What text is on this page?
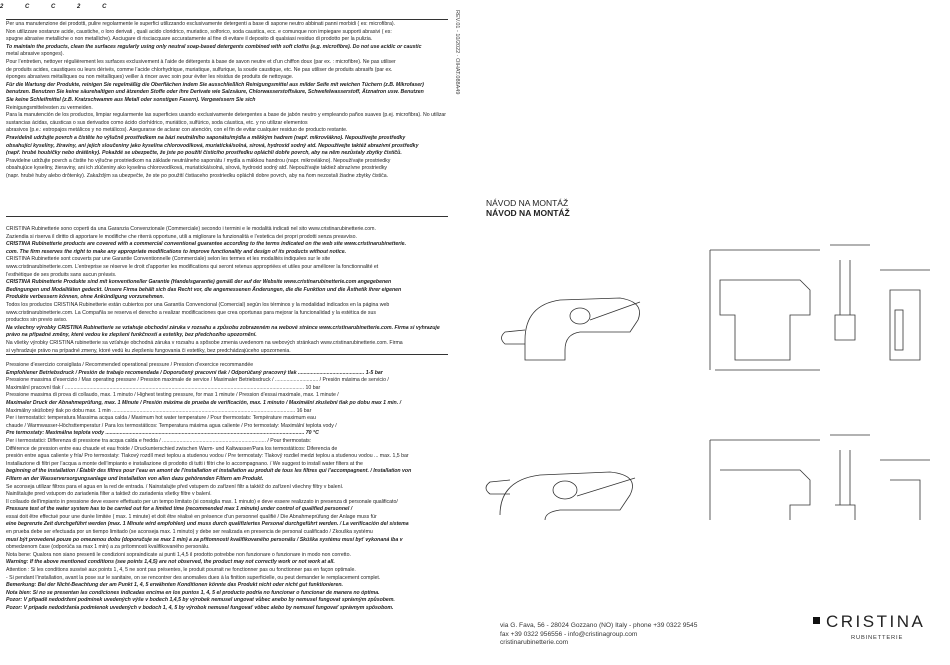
2 C C 2 C
REV.01 - 10/2022 · OIHAT.088A49

Per una manutenzione dei prodotti, pulire regolarmente le superfici utilizzando esclusivamente detergenti a base di sapone neutro abbinati panni morbidi ( es: microfibra).

Non utilizzare sostanze acide, caustiche, o loro derivati , quali acido cloridrico, muriatico, solforico, soda caustica, ecc. e comunque non impiegare supporti abrasivi ( es:

spugne abrasive metalliche o non metalliche). Asciugare di risciacquare accuratamente al fine di evitare il deposito di qualsiasi residuo di prodotto per la pulizia.

To maintain the products, clean the surfaces regularly using only neutral soap-based detergents combined with soft cloths (e.g. microfibre). Do not use acidic or caustic

metal abrasive sponges).

Pour l’entretien, nettoyer régulièrement les surfaces exclusivement à l’aide de détergents à base de savon neutre et d’un chiffon doux (par ex. : microfibre). Ne pas utiliser

de produits acides, caustiques ou leurs dérivés, comme l’acide chlorhydrique, muriatique, sulfurique, la soude caustique, etc. Ne pas utiliser de produits abrasifs (par ex.

éponges abrasives métalliques ou non métalliques) veiller à rincer avec soin pour éviter les résidus de produits de nettoyage.

Für die Wartung der Produkte, reinigen Sie regelmäßig die Oberflächen indem Sie ausschließlich Reinigungsmittel aus milder Seife mit weichen Tüchern (z.B. Mikrofaser)

benutzen. Benutzen Sie keine säurehaltigen und ätzenden Stoffe oder ihre Derivate wie Salzsäure, Chlorwasserstoffsäure, Schwefelwasserstoff, Ätznatron usw. Benutzen

Sie keine Schleifmittel (z.B. Kratzschwamm aus Metall oder sonstigen Fasern). Vergewissern Sie sich

Reinigungsmittelresten zu vermeiden.

Para la manutención de los productos, limpiar regularmente las superficies usando exclusivamente detergentes a base de jabón neutro y empleando paños suaves (p.ej. microfibra). No utilizar sustancias ácidas, cáusticas o sus derivados como ácido clorhídrico, muriático, sulfúrico, soda cáustica, etc. y no utilizar elementos

abrasivos (p.e.: estropajos metálicos y no metálicos). Asegurarse de aclarar con atención, con el fin de evitar cualquier residuo de producto restante.

Pravidelně udržujte povrch a čistěte ho výlučně prostředkem na bázi neutrálního saponátu/mýdla a měkkým hadrem (např. mikrovlákno). Nepoužívejte prostředky

obsahující kyseliny, žíraviny, ani jejich sloučeniny jako kyselina chlorovodíková, muriatická/solná, sírová, hydroxid sodný atd. Nepoužívejte taktéž abrazivní prostředky

(např. hrubé houbičky nebo drátěnky). Pokaždé se ubezpečte, že jste po použití čisticího prostředku opláchli dobře povrch, aby na něm nezůstaly zbytky čističů.

Pravidelne udržujte povrch a čistite ho výlučne prostriedkom na základe neutrálneho saponátu / mydla a mäkkou handrou (napr. mikrovlákno). Nepoužívajte prostriedky

obsahujúce kyseliny, žieraviny, ani ich zlúčeniny ako kyselina chlorovodíková, muriatická/solná, sírová, hydroxid sodný atď. Nepoužívajte taktiež abrazívne prostriedky

(napr. hrubé huby alebo drôtenky). Zakaždým sa ubezpečte, že ste po použití čistiaceho prostriedku opláchli dobre povrch, aby na ňom nezostali žiadne zbytky čističa.

CRISTINA Rubinetterie sono coperti da una Garanzia Convenzionale (Commerciale) secondo i termini e le modalità indicati nel sito www.cristinarubinetterie.com.

Zaziendia si riserva il diritto di apportare le modifiche che riterrà opportune, utili a migliorare la funzionalità e l’estetica dei propri prodotti senza preavviso.

CRISTINA Rubinetterie products are covered with a commercial conventional guarantee according to the terms indicated on the web site www.cristinarubinetterie.

com. The firm reserves the right to make any appropriate modifications to improve functionality and design of its products without notice.

CRISTINA Rubinetterie sont couverts par une Garantie Conventionnelle (Commerciale) selon les termes et les modalités indiquées sur le site

www.cristinarubinetterie.com. L’entreprise se réserve le droit d’apporter les modifications qui seront retenus appropriées et utiles pour améliorer la fonctionnalité et

l’esthétique de ses produits sans aucun préavis.

CRISTINA Rubinetterie Produkte sind mit konventioneller Garantie (Handelsgarantie) gemäß der auf der Website www.cristinarubinetterie.com angegebenen

Bedingungen und Modalitäten gedeckt. Unsere Firma behält sich das Recht vor, die angemessenen Änderungen, die die Funktion und die Ästhetik ihrer eigenen

Produkte verbessern können, ohne Ankündigung vorzunehmen.

Todos los productos CRISTINA Rubinetterie están cubiertos por una Garantía Convencional (Comercial) según los términos y la modalidad indicados en la página web

www.cristinarubinetterie.com. La Compañía se reserva el derecho a realizar modificaciones que crea oportunas para mejorar la funcionalidad y la estética de sus

productos sin previo aviso.

Na všechny výrobky CRISTINA Rubinetterie se vztahuje obchodní záruka v rozsahu a způsobu zobrazeném na webové stránce www.cristinarubinetterie.com. Firma si vyhrazuje

právo na případné změny, které vedou ke zlepšení funkčnosti a estetiky, bez předchozího upozornění.

Na všetky výrobky CRISTINA rubinetterie sa vzťahuje obchodná záruka v rozsahu a spôsobe zmenia uvedenom na webových stránkach www.cristinarubinetterie.com. Firma

si vyhradzuje právo na prípadné zmeny, ktoré vedú ku zlepšeniu fungovania či estetiky, bez predchádzajúceho upozornenia.

Pressione d’esercizio consigliata / Recommended operational pressure / Pression d’exercice recommandée

Empfohlener Betriebsdruck / Presión de trabajo recomendada / Doporučený pracovní tlak / Odporúčaný pracovný tlak .............................................. 1-5 bar

Pressione massima d’esercizio / Max operating pressure / Pression maximale de service / Maximaler Betriebsdruck / .............................. / Presión máxima de servicio /

Maximální pracovní tlak / ...................................................................................................................................................................... 10 bar

Pressione massima di prova di collaudo, max. 1 minuto / Highest testing pressure, for max 1 minute / Pression d’essai maximale, max. 1 minute /

Maximaler Druck der Abnahmeprüfung, max. 1 Minute / Presión máxima de prueba de verificación, max. 1 minuto / Maximální zkušební tlak po dobu max 1 min. /

Maximálny skúšobný tlak po dobu max. 1 min ............................................................................................................................... 16 bar

Per i termostatici: temperatura Massima acqua calda / Maximum hot water temperature / Pour thermostats: Température maximum eau

chaude / Warmwasser-Höchsttemperatur / Para los termostáticos: Temperatura máxima agua caliente / Pro termostaty: Maximální teplota vody /

Pre termostaty: Maximálna teplota vody .......................................................................................................................................... 70 °C

Per i termostatici: Differenza di pressione tra acqua calda e fredda / ........................................................................ / Pour thermostats:

Différence de pression entre eau chaude et eau froide / Druckunterschied zwischen Warm- und Kaltwasser/Para los termostáticos: Diferencia de

presión entre agua caliente y fría/ Pro termostaty: Tlakový rozdíl mezi teplou a studenou vodou / Pre termostaty: Tlakový rozdiel medzi teplou a studenou vodou ... max. 1,5 bar

Installazione di filtri per l’acqua a monte dell’impianto e installazione di prodotto di tutti i filtri che lo accompagnano. / We suggest to install water filters at the

beginning of the installation / Établir des filtres pour l’eau en amont de l’installation et installation au produit de tous les filtres qui l’accompagnent. / Installation von

Filtern an der Wasserversorgungsanlage und Installation von allen dazu gehörenden Filtern am Produkt.

Se aconseja utilizar filtros para el agua en la red de entrada. / Nainstalujte před vstupem do zařízení filtr a taktéž do zařízení všechny filtry v balení.

Nainštalujte pred vstupom do zariadenia filter a taktiež do zariadenia všetky filtre v balení.

Il collaudo dell’impianto in pressione deve essere effettuato per un tempo limitato (si consiglia max. 1 minuto) e deve essere realizzato in presenza di personale qualificato/

Pressure test of the water system has to be carried out for a limited time (recommended max 1 minute) under control of qualified personnel /

essai doit être effectué pour une durée limitée ( max. 1 minute) et doit être réalisé en présence d’un personnel qualifié / Die Abnahmeprüfung der Anlage muss für

eine begrenzte Zeit durchgeführt werden (max. 1 Minute wird empfohlen) und muss durch qualifiziertes Personal durchgeführt werden. / La verificación del sistema

en prueba debe ser efectuada por un tiempo limitado (se aconseja max. 1 minuto) y debe ser realizada en presencia de personal cualificado / Zkouška systému

musí být provedená pouze po omezenou dobu (doporučuje se max 1 min) a za přítomnosti kvalifikovaného personálu / Skúška systému musí byť vykonaná iba v

obmedzenom čase (odporúča sa max 1 min) a za prítomnosti kvalifikovaného personálu.

Nota bene: Qualora non siano presenti le condizioni sopraindicate ai punti 1,4,5 il prodotto potrebbe non funzionare o funzionare in modo non corretto.

Warning: If the above mentioned conditions (see points 1,4,5) are not observed, the product may not correctly work or not work at all.

Attention : Si les conditions susvisé aux points 1, 4, 5 ne sont pas présentes, le produit pourrait ne fonctionner pas ou fonctionner pas en façon optimale.

- Si pendant l’installation, avant la pose sur le sanitaire, on se rencontrer des anomalies dues à la finition superficielle, ou peut demander le remplacement complet.

Bemerkung: Bei der Nicht-Beachtung der am Punkt 1, 4, 5 erwähnten Konditionen könnte das Produkt nicht oder nicht gut funktionieren.

Nota bien: Si no se presentan las condiciones indicadas encima en los puntos 1, 4, 5 el producto podría no funcionar o funcionar de manera no óptima.

Pozor: V případě nedodržení podmínek uvedených výše v bodech 1,4,5 by výrobek nemusel ungovat vůbec anebo by nemusel fungovat správným způsobem.

Pozor: V prípade nedodržania podmienok uvedených v bodoch 1, 4, 5 by výrobok nemusel fungovať vôbec alebo by nemusel fungovať správnym spôsobom.

NÁVOD NA MONTÁŽ
NÁVOD NA MONTÁŽ
via G. Fava, 56 - 28024 Gozzano (NO) Italy - phone +39 0322 9545
fax +39 0322 956556 - info@cristinagroup.com
cristinarubinetterie.com
CRISTINA
RUBINETTERIE
